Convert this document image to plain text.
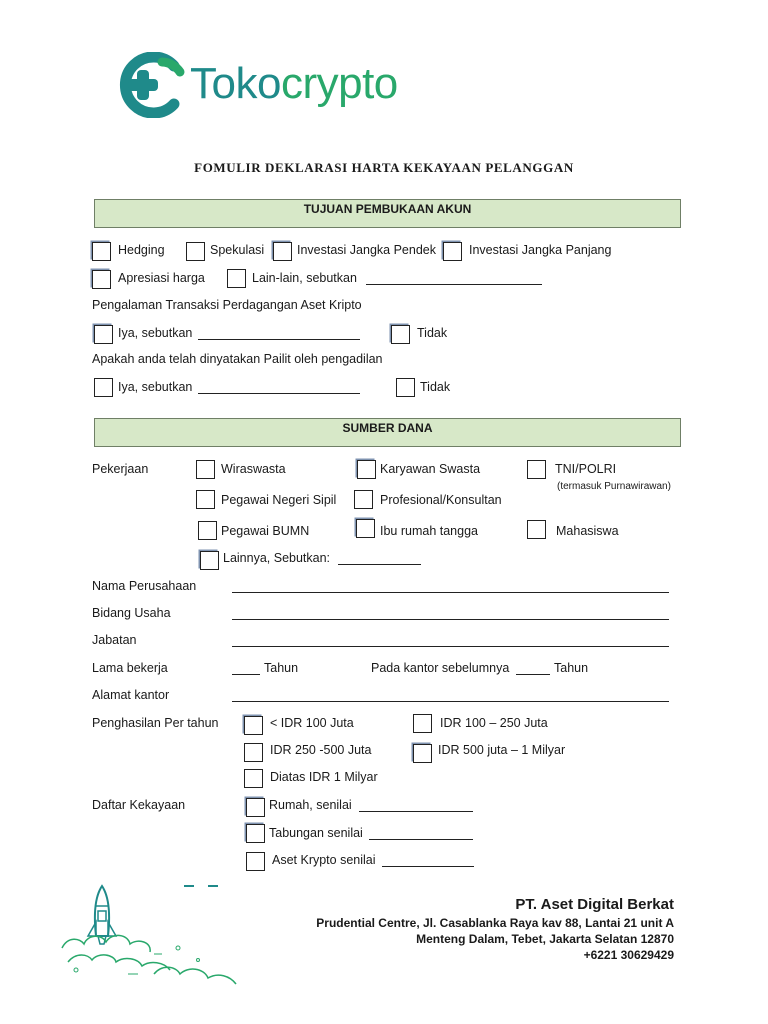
Tokocrypto
FOMULIR DEKLARASI HARTA KEKAYAAN PELANGGAN
TUJUAN PEMBUKAAN AKUN
Hedging	Spekulasi	Investasi Jangka Pendek	Investasi Jangka Panjang
Apresiasi harga	Lain-lain, sebutkan
Pengalaman Transaksi Perdagangan Aset Kripto
Iya, sebutkan	Tidak
Apakah anda telah dinyatakan Pailit oleh pengadilan
Iya, sebutkan	Tidak
SUMBER DANA
Pekerjaan	Wiraswasta	Karyawan Swasta	TNI/POLRI
(termasuk Purnawirawan)
Pegawai Negeri Sipil	Profesional/Konsultan
Pegawai BUMN	Ibu rumah tangga	Mahasiswa
Lainnya, Sebutkan:
Nama Perusahaan
Bidang Usaha
Jabatan
Lama bekerja	Tahun	Pada kantor sebelumnya	Tahun
Alamat kantor
Penghasilan Per tahun	< IDR 100 Juta	IDR 100 – 250 Juta
IDR 250 -500 Juta	IDR 500 juta – 1 Milyar
Diatas IDR 1 Milyar
Daftar Kekayaan	Rumah, senilai
Tabungan senilai
Aset Krypto senilai
PT. Aset Digital Berkat
Prudential Centre, Jl. Casablanka Raya kav 88, Lantai 21 unit A
Menteng Dalam, Tebet, Jakarta Selatan 12870
+6221 30629429
